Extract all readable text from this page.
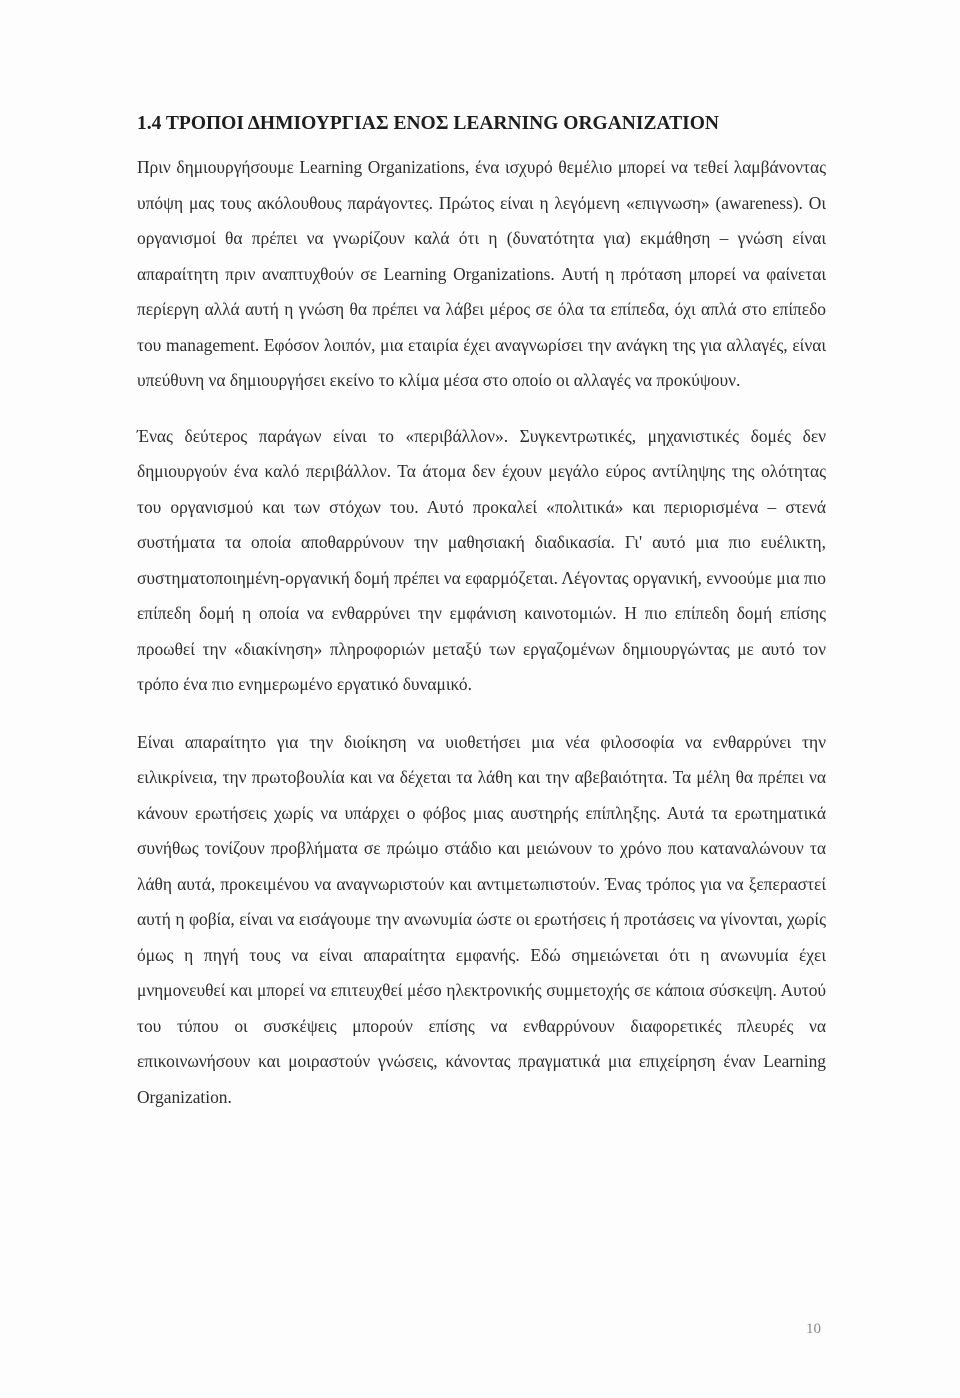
1.4 ΤΡΟΠΟΙ ΔΗΜΙΟΥΡΓΙΑΣ ΕΝΟΣ LEARNING ORGANIZATION

Πριν δημιουργήσουμε Learning Organizations, ένα ισχυρό θεμέλιο μπορεί να τεθεί λαμβάνοντας υπόψη μας τους ακόλουθους παράγοντες. Πρώτος είναι η λεγόμενη «επιγνωση» (awareness). Οι οργανισμοί θα πρέπει να γνωρίζουν καλά ότι η (δυνατότητα για) εκμάθηση – γνώση είναι απαραίτητη πριν αναπτυχθούν σε Learning Organizations. Αυτή η πρόταση μπορεί να φαίνεται περίεργη αλλά αυτή η γνώση θα πρέπει να λάβει μέρος σε όλα τα επίπεδα, όχι απλά στο επίπεδο του management. Εφόσον λοιπόν, μια εταιρία έχει αναγνωρίσει την ανάγκη της για αλλαγές, είναι υπεύθυνη να δημιουργήσει εκείνο το κλίμα μέσα στο οποίο οι αλλαγές να προκύψουν.

Ένας δεύτερος παράγων είναι το «περιβάλλον». Συγκεντρωτικές, μηχανιστικές δομές δεν δημιουργούν ένα καλό περιβάλλον. Τα άτομα δεν έχουν μεγάλο εύρος αντίληψης της ολότητας του οργανισμού και των στόχων του. Αυτό προκαλεί «πολιτικά» και περιορισμένα – στενά συστήματα τα οποία αποθαρρύνουν την μαθησιακή διαδικασία. Γι' αυτό μια πιο ευέλικτη, συστηματοποιημένη-οργανική δομή πρέπει να εφαρμόζεται. Λέγοντας οργανική, εννοούμε μια πιο επίπεδη δομή η οποία να ενθαρρύνει την εμφάνιση καινοτομιών. Η πιο επίπεδη δομή επίσης προωθεί την «διακίνηση» πληροφοριών μεταξύ των εργαζομένων δημιουργώντας με αυτό τον τρόπο ένα πιο ενημερωμένο εργατικό δυναμικό.

Είναι απαραίτητο για την διοίκηση να υιοθετήσει μια νέα φιλοσοφία να ενθαρρύνει την ειλικρίνεια, την πρωτοβουλία και να δέχεται τα λάθη και την αβεβαιότητα. Τα μέλη θα πρέπει να κάνουν ερωτήσεις χωρίς να υπάρχει ο φόβος μιας αυστηρής επίπληξης. Αυτά τα ερωτηματικά συνήθως τονίζουν προβλήματα σε πρώιμο στάδιο και μειώνουν το χρόνο που καταναλώνουν τα λάθη αυτά, προκειμένου να αναγνωριστούν και αντιμετωπιστούν. Ένας τρόπος για να ξεπεραστεί αυτή η φοβία, είναι να εισάγουμε την ανωνυμία ώστε οι ερωτήσεις ή προτάσεις να γίνονται, χωρίς όμως η πηγή τους να είναι απαραίτητα εμφανής. Εδώ σημειώνεται ότι η ανωνυμία έχει μνημονευθεί και μπορεί να επιτευχθεί μέσο ηλεκτρονικής συμμετοχής σε κάποια σύσκεψη. Αυτού του τύπου οι συσκέψεις μπορούν επίσης να ενθαρρύνουν διαφορετικές πλευρές να επικοινωνήσουν και μοιραστούν γνώσεις, κάνοντας πραγματικά μια επιχείρηση έναν Learning Organization.

10
